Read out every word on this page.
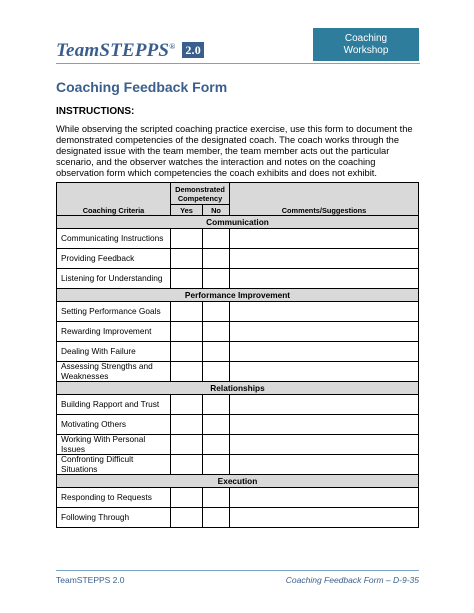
TeamSTEPPS® 2.0
Coaching
Workshop
Coaching Feedback Form
INSTRUCTIONS:
While observing the scripted coaching practice exercise, use this form to document the demonstrated competencies of the designated coach. The coach works through the designated issue with the team member, the team member acts out the particular scenario, and the observer watches the interaction and notes on the coaching observation form which competencies the coach exhibits and does not exhibit.
Coaching Criteria	Demonstrated Competency		Comments/Suggestions
	Yes	No	
Communication			
Communicating Instructions			
Providing Feedback			
Listening for Understanding			
Performance Improvement			
Setting Performance Goals			
Rewarding Improvement			
Dealing With Failure			
Assessing Strengths and Weaknesses			
Relationships			
Building Rapport and Trust			
Motivating Others			
Working With Personal Issues			
Confronting Difficult Situations			
Execution			
Responding to Requests			
Following Through			
TeamSTEPPS 2.0	Coaching Feedback Form – D-9-35
